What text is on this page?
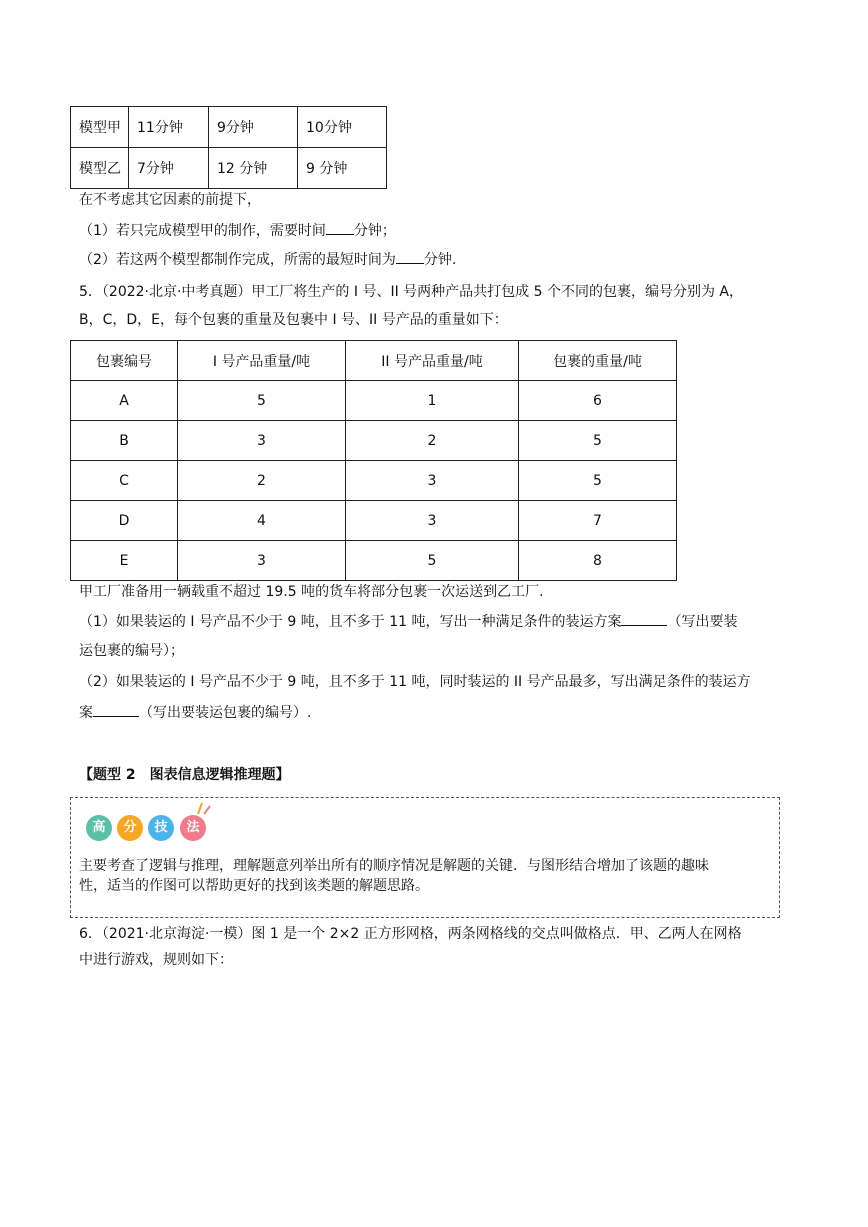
模型甲	11分钟	9分钟	10分钟
模型乙	7分钟	12 分钟	9 分钟
在不考虑其它因素的前提下，
（1）若只完成模型甲的制作，需要时间 分钟；
（2）若这两个模型都制作完成，所需的最短时间为 分钟.
5．（2022·北京·中考真题）甲工厂将生产的 I 号、II 号两种产品共打包成 5 个不同的包裹，编号分别为 A，
B，C，D，E，每个包裹的重量及包裹中 I 号、II 号产品的重量如下：
包裹编号	I 号产品重量/吨	II 号产品重量/吨	包裹的重量/吨
A	5	1	6
B	3	2	5
C	2	3	5
D	4	3	7
E	3	5	8
甲工厂准备用一辆载重不超过 19.5 吨的货车将部分包裹一次运送到乙工厂.
（1）如果装运的 I 号产品不少于 9 吨，且不多于 11 吨，写出一种满足条件的装运方案	（写出要装
运包裹的编号）；
（2）如果装运的 I 号产品不少于 9 吨，且不多于 11 吨，同时装运的 II 号产品最多，写出满足条件的装运方
案	（写出要装运包裹的编号）.
【题型 2　图表信息逻辑推理题】
高	分	技	法
主要考查了逻辑与推理，理解题意列举出所有的顺序情况是解题的关键．与图形结合增加了该题的趣味
性，适当的作图可以帮助更好的找到该类题的解题思路。
6．（2021·北京海淀·一模）图 1 是一个 2×2 正方形网格，两条网格线的交点叫做格点．甲、乙两人在网格
中进行游戏，规则如下：
